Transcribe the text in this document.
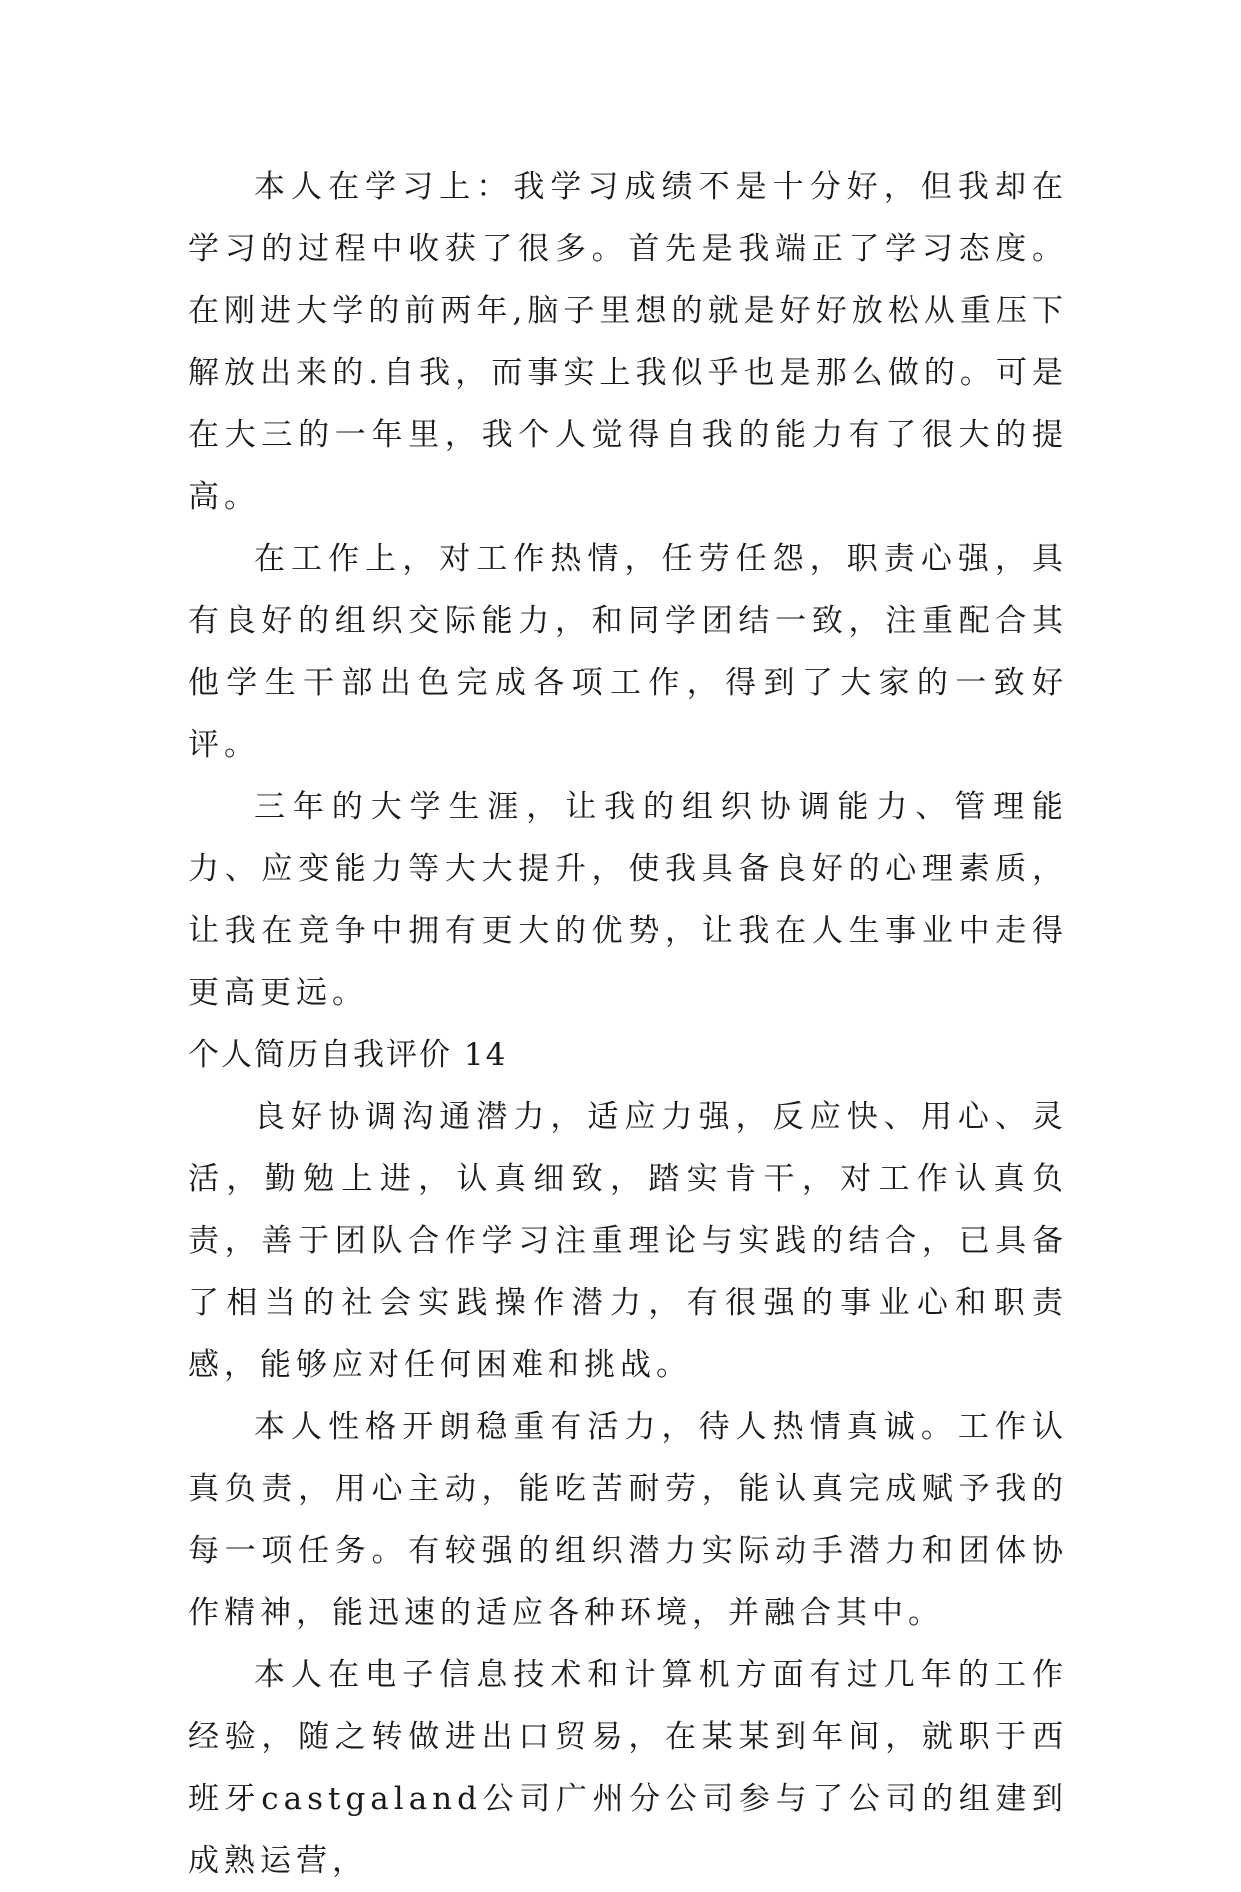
本人在学习上：我学习成绩不是十分好，但我却在学习的过程中收获了很多。首先是我端正了学习态度。在刚进大学的前两年,脑子里想的就是好好放松从重压下解放出来的.自我，而事实上我似乎也是那么做的。可是在大三的一年里，我个人觉得自我的能力有了很大的提高。

在工作上，对工作热情，任劳任怨，职责心强，具有良好的组织交际能力，和同学团结一致，注重配合其他学生干部出色完成各项工作，得到了大家的一致好评。

三年的大学生涯，让我的组织协调能力、管理能力、应变能力等大大提升，使我具备良好的心理素质，让我在竞争中拥有更大的优势，让我在人生事业中走得更高更远。

个人简历自我评价 14

良好协调沟通潜力，适应力强，反应快、用心、灵活，勤勉上进，认真细致，踏实肯干，对工作认真负责，善于团队合作学习注重理论与实践的结合，已具备了相当的社会实践操作潜力，有很强的事业心和职责感，能够应对任何困难和挑战。

本人性格开朗稳重有活力，待人热情真诚。工作认真负责，用心主动，能吃苦耐劳，能认真完成赋予我的每一项任务。有较强的组织潜力实际动手潜力和团体协作精神，能迅速的适应各种环境，并融合其中。

本人在电子信息技术和计算机方面有过几年的工作经验，随之转做进出口贸易，在某某到年间，就职于西班牙castgaland公司广州分公司参与了公司的组建到成熟运营，
